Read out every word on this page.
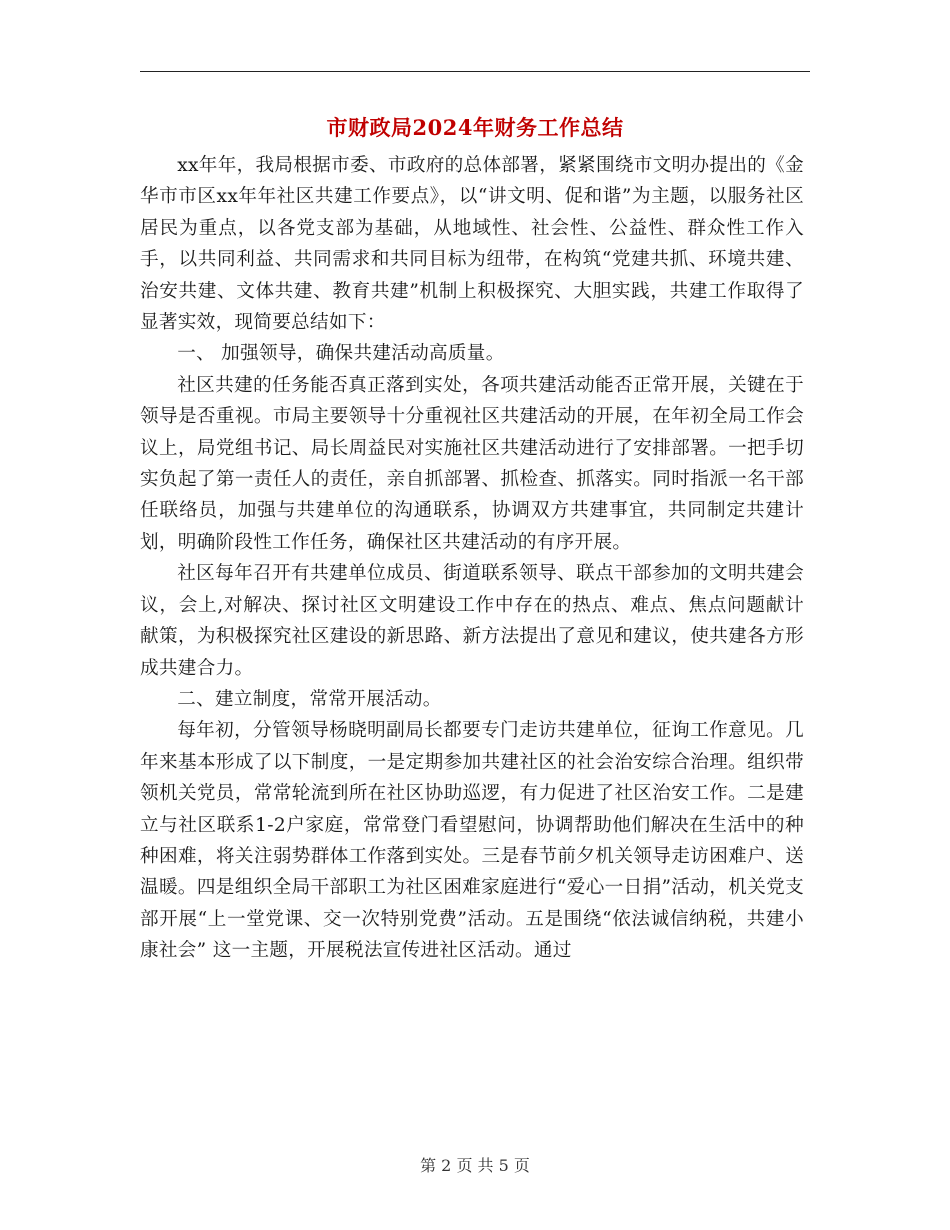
市财政局2024年财务工作总结

xx年年，我局根据市委、市政府的总体部署，紧紧围绕市文明办提出的《金华市市区xx年年社区共建工作要点》，以“讲文明、促和谐”为主题，以服务社区居民为重点，以各党支部为基础，从地域性、社会性、公益性、群众性工作入手，以共同利益、共同需求和共同目标为纽带，在构筑“党建共抓、环境共建、治安共建、文体共建、教育共建”机制上积极探究、大胆实践，共建工作取得了显著实效，现简要总结如下：

一、 加强领导，确保共建活动高质量。

社区共建的任务能否真正落到实处，各项共建活动能否正常开展，关键在于领导是否重视。市局主要领导十分重视社区共建活动的开展，在年初全局工作会议上，局党组书记、局长周益民对实施社区共建活动进行了安排部署。一把手切实负起了第一责任人的责任，亲自抓部署、抓检查、抓落实。同时指派一名干部任联络员，加强与共建单位的沟通联系，协调双方共建事宜，共同制定共建计划，明确阶段性工作任务，确保社区共建活动的有序开展。

社区每年召开有共建单位成员、街道联系领导、联点干部参加的文明共建会议，会上,对解决、探讨社区文明建设工作中存在的热点、难点、焦点问题献计献策，为积极探究社区建设的新思路、新方法提出了意见和建议，使共建各方形成共建合力。

二、建立制度，常常开展活动。

每年初，分管领导杨晓明副局长都要专门走访共建单位，征询工作意见。几年来基本形成了以下制度，一是定期参加共建社区的社会治安综合治理。组织带领机关党员，常常轮流到所在社区协助巡逻，有力促进了社区治安工作。二是建立与社区联系1-2户家庭，常常登门看望慰问，协调帮助他们解决在生活中的种种困难，将关注弱势群体工作落到实处。三是春节前夕机关领导走访困难户、送温暖。四是组织全局干部职工为社区困难家庭进行“爱心一日捐”活动，机关党支部开展“上一堂党课、交一次特别党费”活动。五是围绕“依法诚信纳税，共建小康社会” 这一主题，开展税法宣传进社区活动。通过

第 2 页 共 5 页
